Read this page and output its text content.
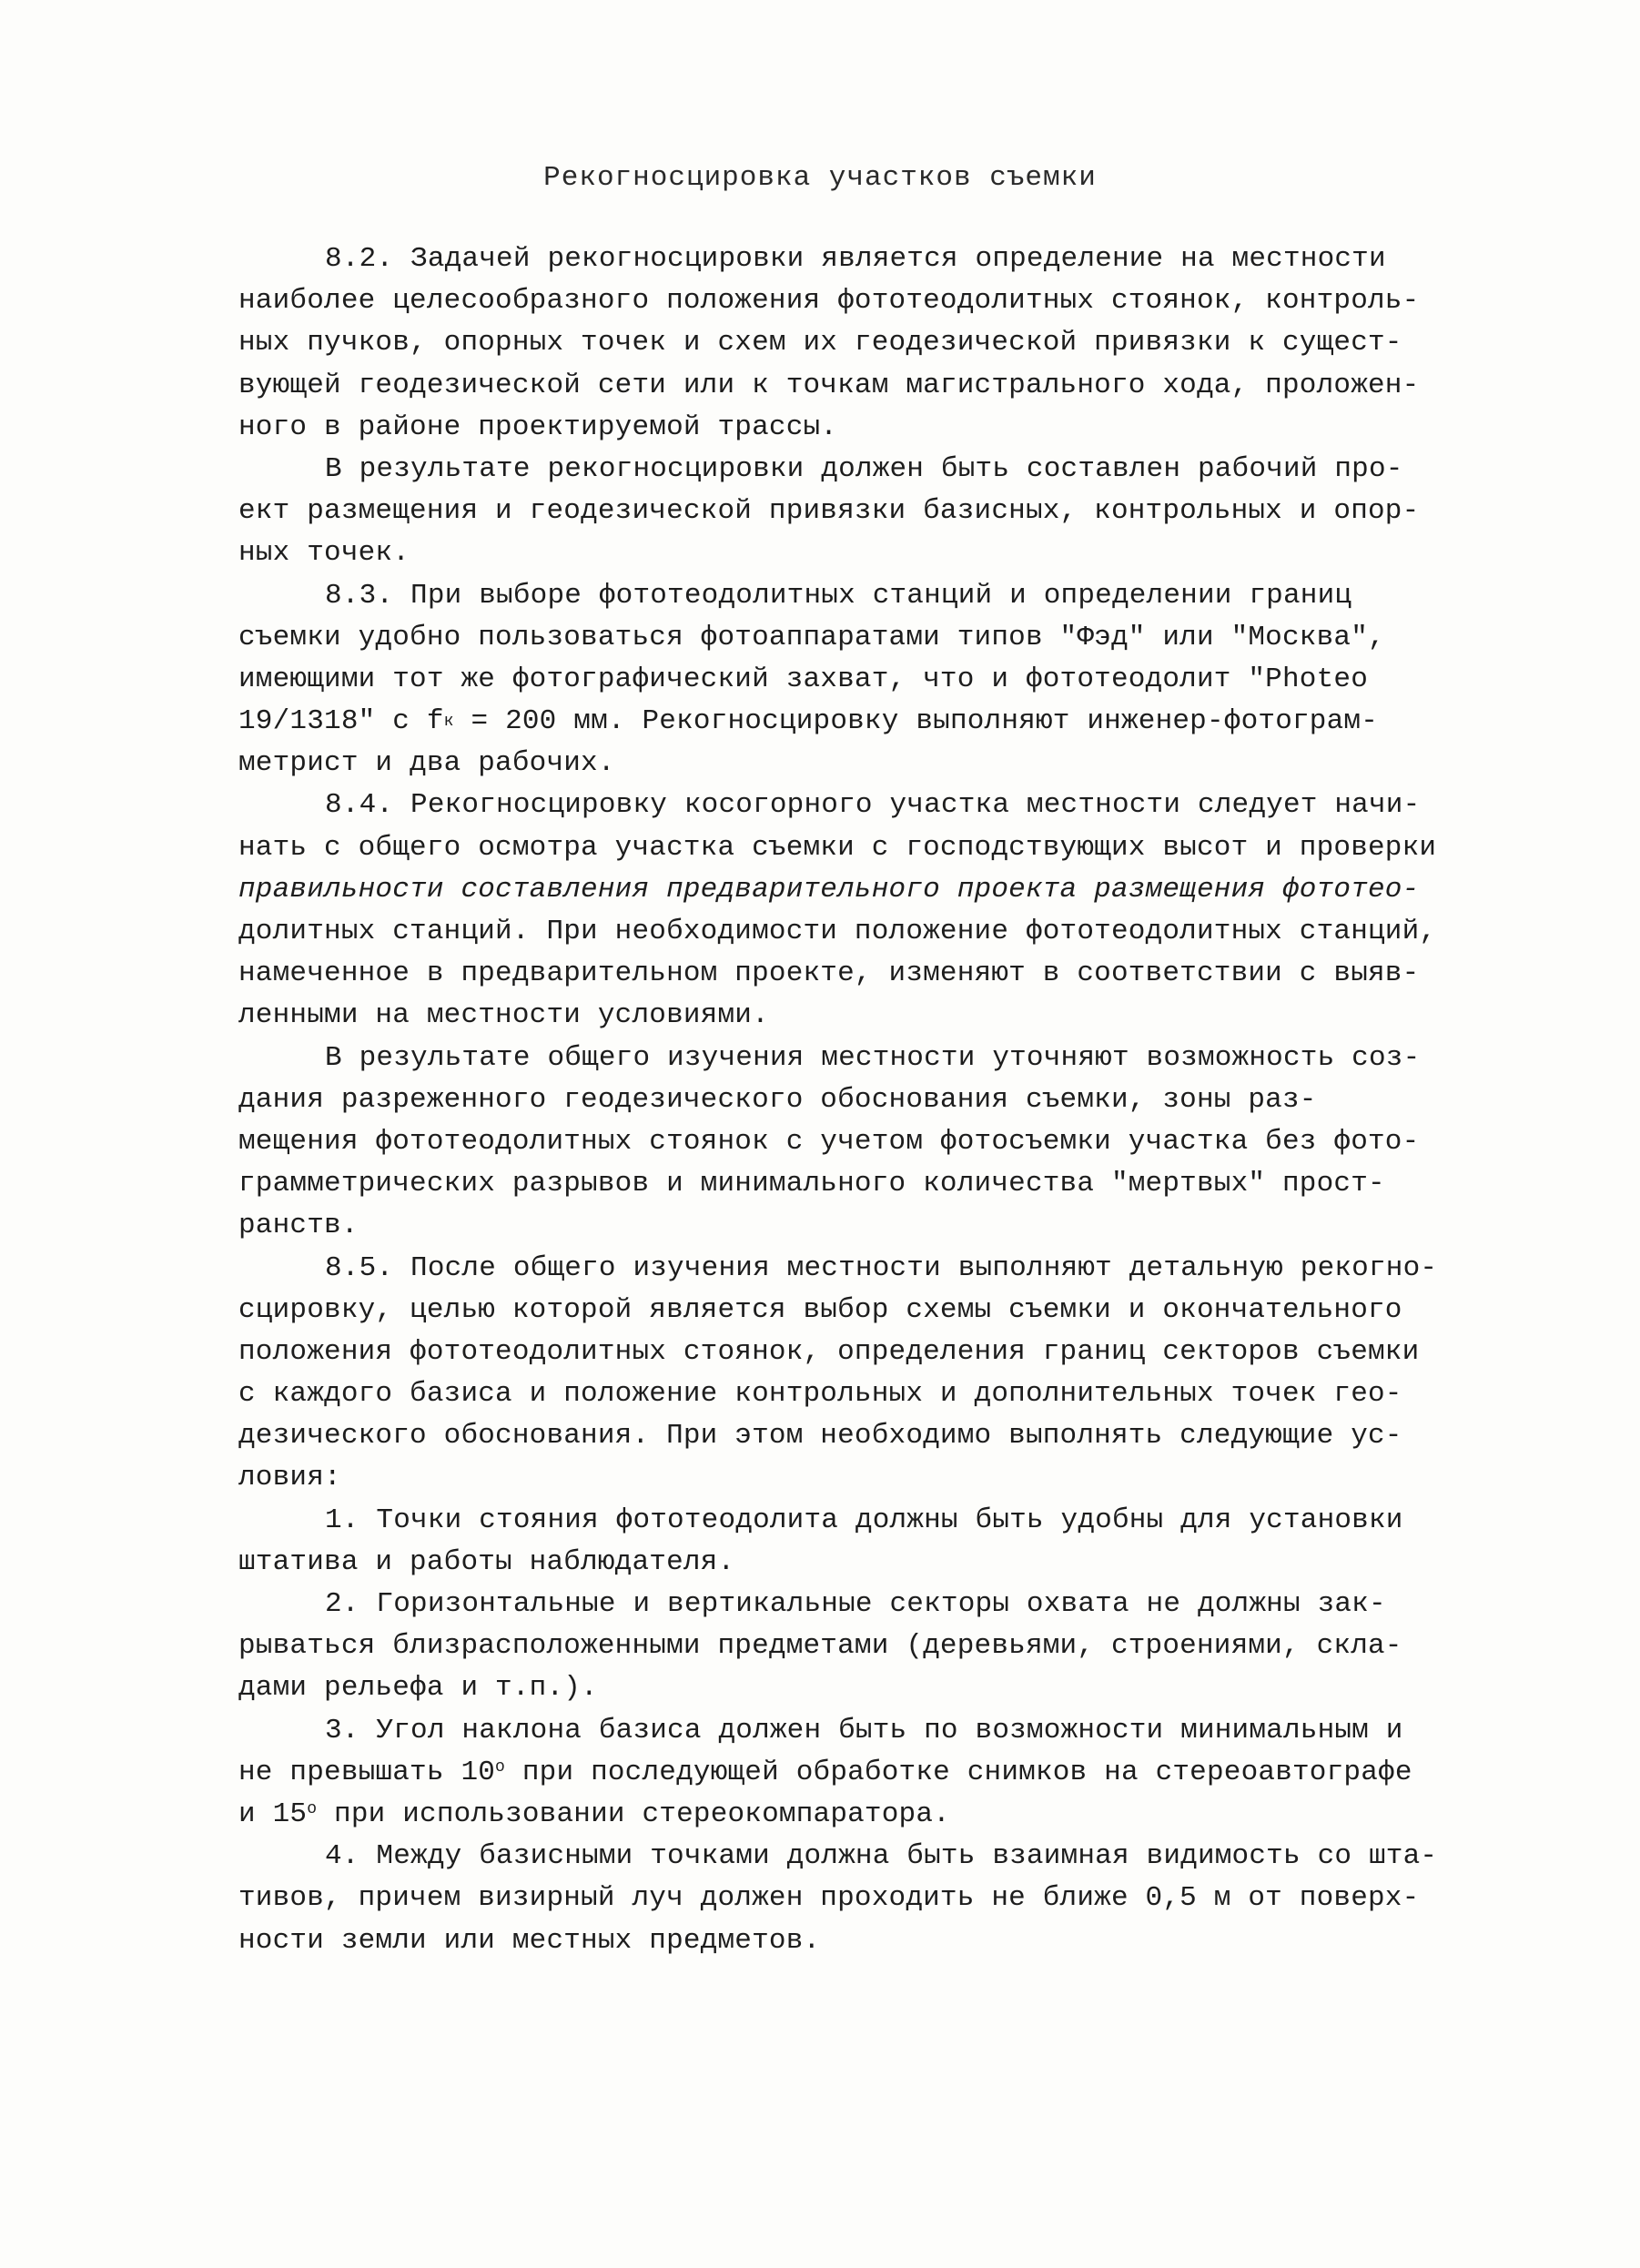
Рекогносцировка участков съемки
8.2. Задачей рекогносцировки является определение на местности
наиболее целесообразного положения фототеодолитных стоянок, контроль-
ных пучков, опорных точек и схем их геодезической привязки к сущест-
вующей геодезической сети или к точкам магистрального хода, проложен-
ного в районе проектируемой трассы.
В результате рекогносцировки должен быть составлен рабочий про-
ект размещения и геодезической привязки базисных, контрольных и опор-
ных точек.
8.3. При выборе фототеодолитных станций и определении границ
съемки удобно пользоваться фотоаппаратами типов "Фэд" или "Москва",
имеющими тот же фотографический захват, что и фототеодолит "Photeo
19/1318" с fк = 200 мм. Рекогносцировку выполняют инженер-фотограм-
метрист и два рабочих.
8.4. Рекогносцировку косогорного участка местности следует начи-
нать с общего осмотра участка съемки с господствующих высот и проверки
правильности составления предварительного проекта размещения фототео-
долитных станций. При необходимости положение фототеодолитных станций,
намеченное в предварительном проекте, изменяют в соответствии с выяв-
ленными на местности условиями.
В результате общего изучения местности уточняют возможность соз-
дания разреженного геодезического обоснования съемки, зоны раз-
мещения фототеодолитных стоянок с учетом фотосъемки участка без фото-
грамметрических разрывов и минимального количества "мертвых" прост-
ранств.
8.5. После общего изучения местности выполняют детальную рекогно-
сцировку, целью которой является выбор схемы съемки и окончательного
положения фототеодолитных стоянок, определения границ секторов съемки
с каждого базиса и положение контрольных и дополнительных точек гео-
дезического обоснования. При этом необходимо выполнять следующие ус-
ловия:
1. Точки стояния фототеодолита должны быть удобны для установки
штатива и работы наблюдателя.
2. Горизонтальные и вертикальные секторы охвата не должны зак-
рываться близрасположенными предметами (деревьями, строениями, скла-
дами рельефа и т.п.).
3. Угол наклона базиса должен быть по возможности минимальным и
не превышать $10^о$ при последующей обработке снимков на стереоавтографе
и $15^о$ при использовании стереокомпаратора.
4. Между базисными точками должна быть взаимная видимость со шта-
тивов, причем визирный луч должен проходить не ближе 0,5 м от поверх-
ности земли или местных предметов.
